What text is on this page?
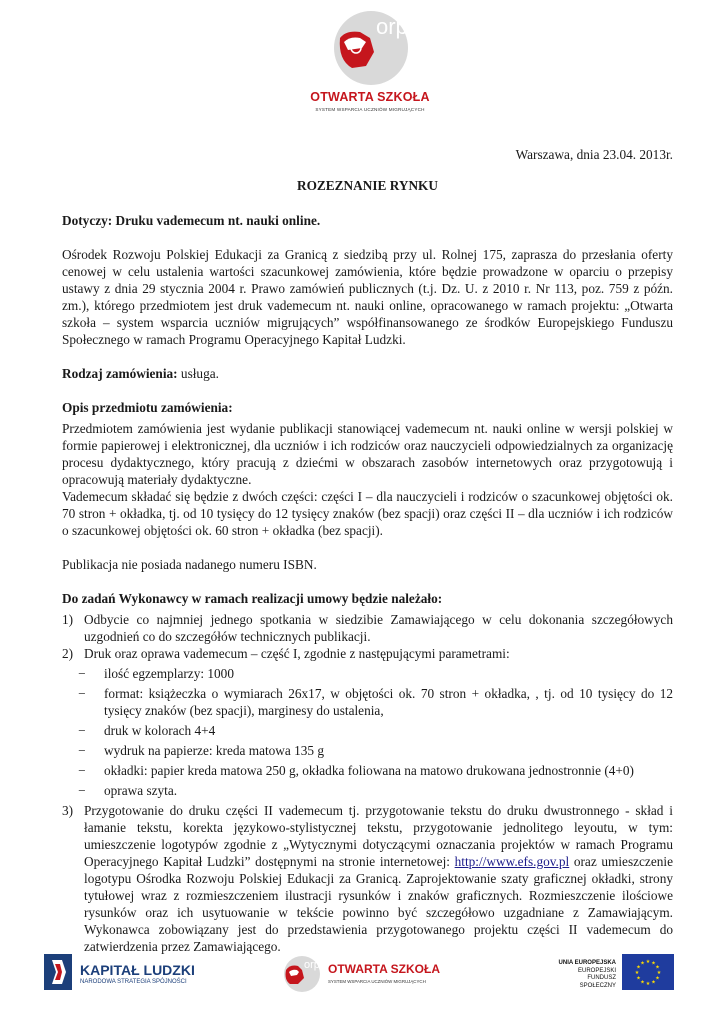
orpeg
OTWARTA SZKOŁA
SYSTEM WSPARCIA UCZNIÓW MIGRUJĄCYCH

Warszawa, dnia 23.04. 2013r.

ROZEZNANIE RYNKU

Dotyczy: Druku vademecum nt. nauki online.

Ośrodek Rozwoju Polskiej Edukacji za Granicą z siedzibą przy ul. Rolnej 175, zaprasza do przesłania oferty cenowej w celu ustalenia wartości szacunkowej zamówienia, które będzie prowadzone w oparciu o przepisy ustawy z dnia 29 stycznia 2004 r. Prawo zamówień publicznych (t.j. Dz. U. z 2010 r. Nr 113, poz. 759 z późn. zm.), którego przedmiotem jest druk vademecum nt. nauki online, opracowanego w ramach projektu: „Otwarta szkoła – system wsparcia uczniów migrujących” współfinansowanego ze środków Europejskiego Funduszu Społecznego w ramach Programu Operacyjnego Kapitał Ludzki.

Rodzaj zamówienia: usługa.

Opis przedmiotu zamówienia:

Przedmiotem zamówienia jest wydanie publikacji stanowiącej vademecum nt. nauki online w wersji polskiej w formie papierowej i elektronicznej, dla uczniów i ich rodziców oraz nauczycieli odpowiedzialnych za organizację procesu dydaktycznego, który pracują z dziećmi w obszarach zasobów internetowych oraz przygotowują i opracowują materiały dydaktyczne.

Vademecum składać się będzie z dwóch części: części I – dla nauczycieli i rodziców o szacunkowej objętości ok. 70 stron + okładka, tj. od 10 tysięcy do 12 tysięcy znaków (bez spacji) oraz części II – dla uczniów i ich rodziców o szacunkowej objętości ok. 60 stron + okładka (bez spacji).

Publikacja nie posiada nadanego numeru ISBN.

Do zadań Wykonawcy w ramach realizacji umowy będzie należało:

1) Odbycie co najmniej jednego spotkania w siedzibie Zamawiającego w celu dokonania szczegółowych uzgodnień co do szczegółów technicznych publikacji.
2) Druk oraz oprawa vademecum – część I, zgodnie z następującymi parametrami:
− ilość egzemplarzy: 1000
− format: książeczka o wymiarach 26x17, w objętości ok. 70 stron + okładka, , tj. od 10 tysięcy do 12 tysięcy znaków (bez spacji), marginesy do ustalenia,
− druk w kolorach 4+4
− wydruk na papierze: kreda matowa 135 g
− okładki: papier kreda matowa 250 g, okładka foliowana na matowo drukowana jednostronnie (4+0)
− oprawa szyta.
3) Przygotowanie do druku części II vademecum tj. przygotowanie tekstu do druku dwustronnego - skład i łamanie tekstu, korekta językowo-stylistycznej tekstu, przygotowanie jednolitego leyoutu, w tym: umieszczenie logotypów zgodnie z „Wytycznymi dotyczącymi oznaczania projektów w ramach Programu Operacyjnego Kapitał Ludzki” dostępnymi na stronie internetowej: http://www.efs.gov.pl oraz umieszczenie logotypu Ośrodka Rozwoju Polskiej Edukacji za Granicą. Zaprojektowanie szaty graficznej okładki, strony tytułowej wraz z rozmieszczeniem ilustracji rysunków i znaków graficznych. Rozmieszczenie ilościowe rysunków oraz ich usytuowanie w tekście powinno być szczegółowo uzgadniane z Zamawiającym. Wykonawca zobowiązany jest do przedstawienia przygotowanego projektu części II vademecum do zatwierdzenia przez Zamawiającego.
KAPITAŁ LUDZKI
NARODOWA STRATEGIA SPÓJNOŚCI
orpeg
OTWARTA SZKOŁA
SYSTEM WSPARCIA UCZNIÓW MIGRUJĄCYCH
UNIA EUROPEJSKA
EUROPEJSKI
FUNDUSZ SPOŁECZNY
★
★
★
★
★
★
★
★
★ ★ ★
★
